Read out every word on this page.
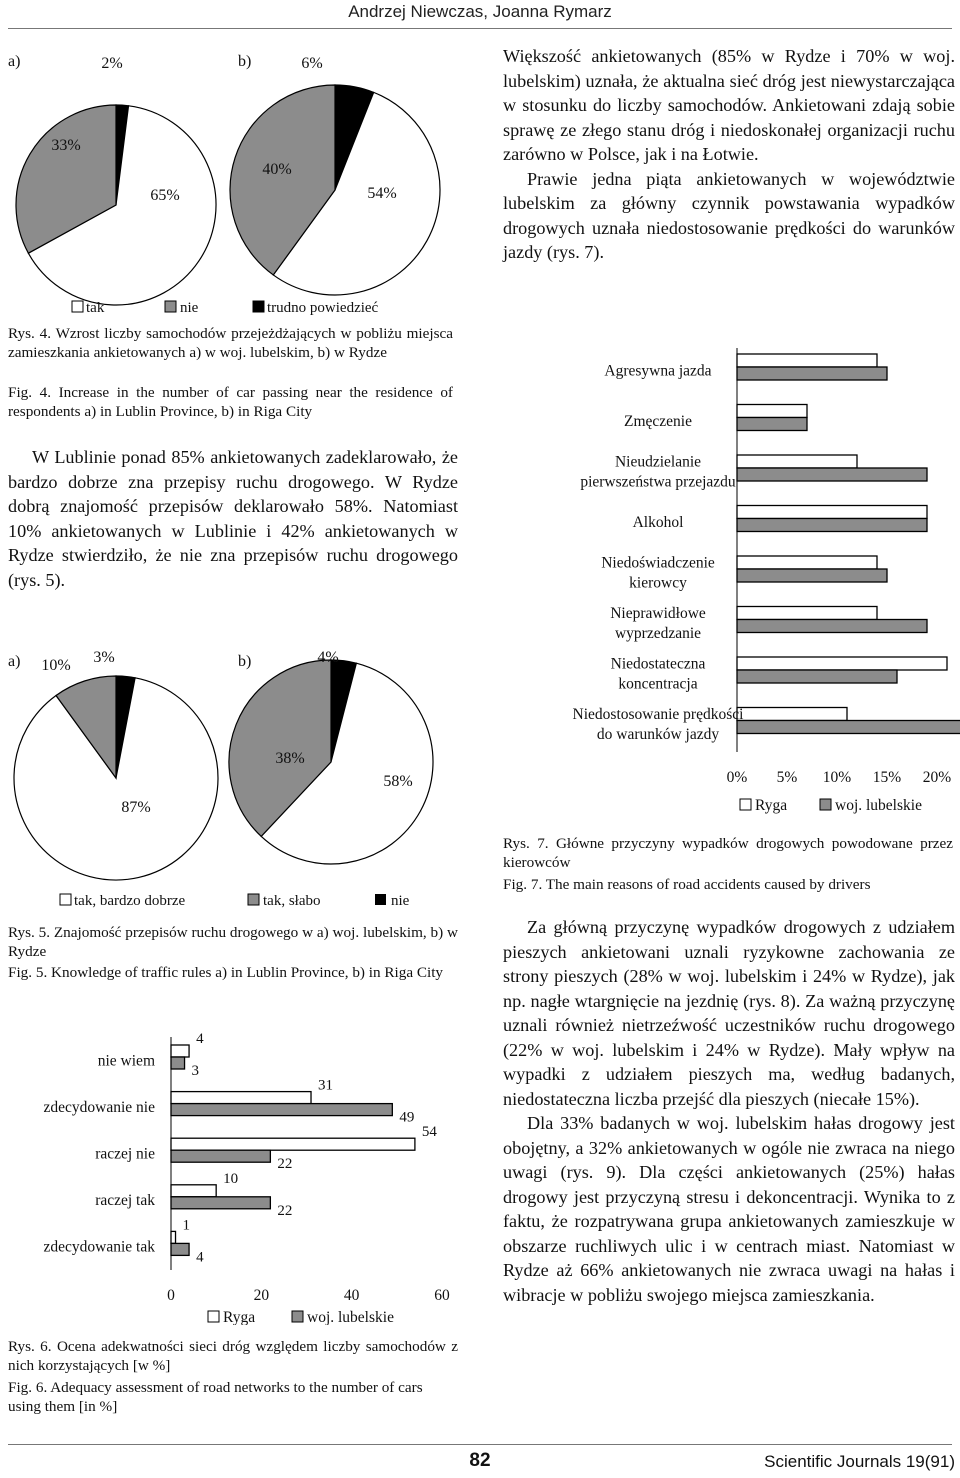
Andrzej Niewczas, Joanna Rymarz
a)	b)
65%
33%
2%
54%
40%
6%
tak	nie	trudno powiedzieć
Rys. 4. Wzrost liczby samochodów przejeżdżających w pobliżu miejsca zamieszkania ankietowanych a) w woj. lubelskim, b) w Rydze
Fig. 4. Increase in the number of car passing near the residence of respondents a) in Lublin Province, b) in Riga City

W Lublinie ponad 85% ankietowanych zadeklarowało, że bardzo dobrze zna przepisy ruchu drogowego. W Rydze dobrą znajomość przepisów deklarowało 58%. Natomiast 10% ankietowanych w Lublinie i 42% ankietowanych w Rydze stwierdziło, że nie zna przepisów ruchu drogowego (rys. 5).

a)	b)
87%
10% 3%
58%
38%
4%
tak, bardzo dobrze	tak, słabo	nie
Rys. 5. Znajomość przepisów ruchu drogowego w a) woj. lubelskim, b) w Rydze
Fig. 5. Knowledge of traffic rules a) in Lublin Province, b) in Riga City
4
3
nie wiem
31
49
zdecydowanie nie
54
22
raczej nie
10
22
raczej tak
1
4
zdecydowanie tak
0	20	40	60
Ryga	woj. lubelskie
Rys. 6. Ocena adekwatności sieci dróg względem liczby samochodów z nich korzystających [w %]
Fig. 6. Adequacy assessment of road networks to the number of cars using them [in %]

Większość ankietowanych (85% w Rydze i 70% w woj. lubelskim) uznała, że aktualna sieć dróg jest niewystarczająca w stosunku do liczby samochodów. Ankietowani zdają sobie sprawę ze złego stanu dróg i niedoskonałej organizacji ruchu zarówno w Polsce, jak i na Łotwie.

Prawie jedna piąta ankietowanych w województwie lubelskim za główny czynnik powstawania wypadków drogowych uznała niedostosowanie prędkości do warunków jazdy (rys. 7).

Agresywna jazda
Zmęczenie
Nieudzielanie
pierwszeństwa przejazdu
Alkohol
Niedoświadczenie
kierowcy
Nieprawidłowe
wyprzedzanie
Niedostateczna
koncentracja
Niedostosowanie prędkości
do warunków jazdy
0% 5% 10% 15% 20%
Ryga	woj. lubelskie
Rys. 7. Główne przyczyny wypadków drogowych powodowane przez kierowców
Fig. 7. The main reasons of road accidents caused by drivers

Za główną przyczynę wypadków drogowych z udziałem pieszych ankietowani uznali ryzykowne zachowania ze strony pieszych (28% w woj. lubelskim i 24% w Rydze), jak np. nagłe wtargnięcie na jezdnię (rys. 8). Za ważną przyczynę uznali również nietrzeźwość uczestników ruchu drogowego (22% w woj. lubelskim i 24% w Rydze). Mały wpływ na wypadki z udziałem pieszych ma, według badanych, niedostateczna liczba przejść dla pieszych (niecałe 15%).

Dla 33% badanych w woj. lubelskim hałas drogowy jest obojętny, a 32% ankietowanych w ogóle nie zwraca na niego uwagi (rys. 9). Dla części ankietowanych (25%) hałas drogowy jest przyczyną stresu i dekoncentracji. Wynika to z faktu, że rozpatrywana grupa ankietowanych zamieszkuje w obszarze ruchliwych ulic i w centrach miast. Natomiast w Rydze aż 66% ankietowanych nie zwraca uwagi na hałas i wibracje w pobliżu swojego miejsca zamieszkania.

82	Scientific Journals 19(91)
